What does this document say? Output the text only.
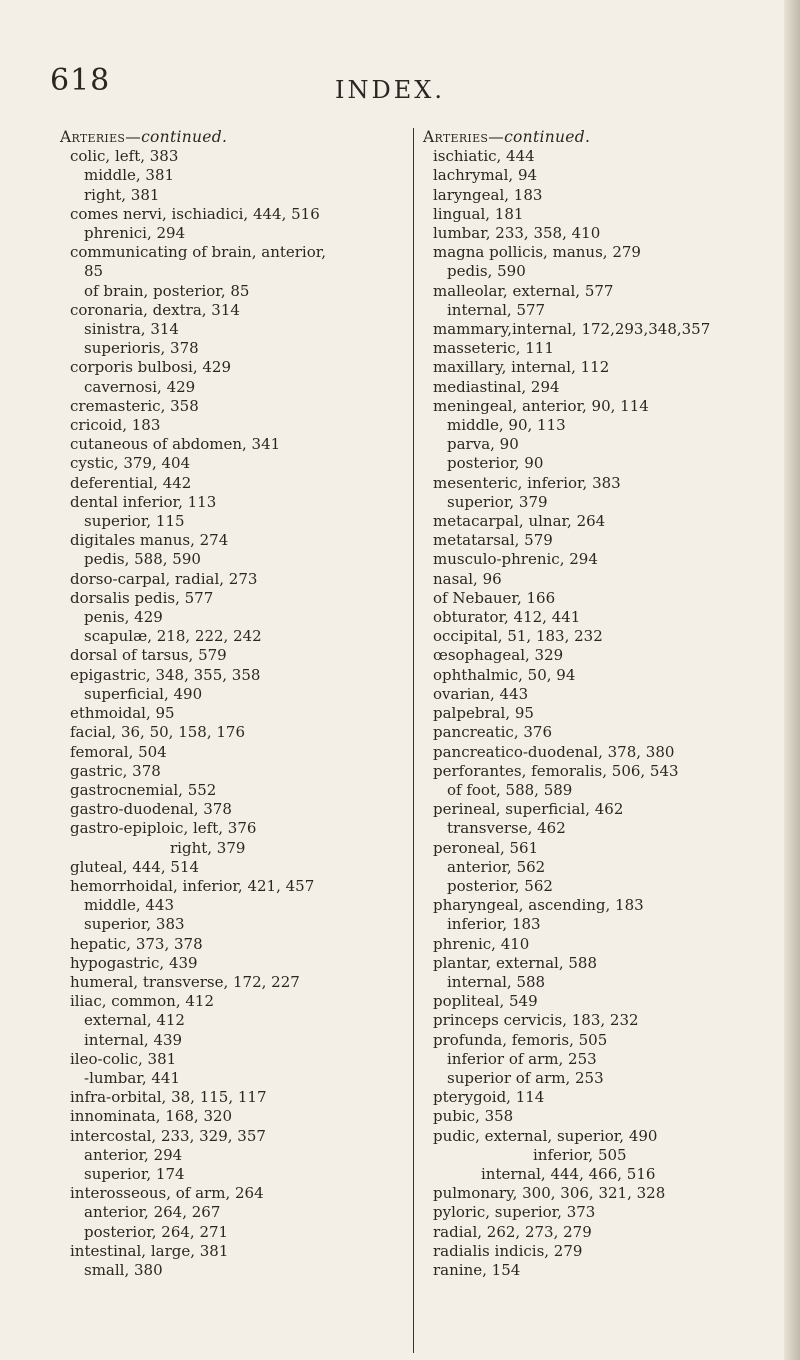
618	INDEX.
Arteries—continued.
colic, left, 383
middle, 381
right, 381
comes nervi, ischiadici, 444, 516
phrenici, 294
communicating of brain, anterior,
85
of brain, posterior, 85
coronaria, dextra, 314
sinistra, 314
superioris, 378
corporis bulbosi, 429
cavernosi, 429
cremasteric, 358
cricoid, 183
cutaneous of abdomen, 341
cystic, 379, 404
deferential, 442
dental inferior, 113
superior, 115
digitales manus, 274
pedis, 588, 590
dorso-carpal, radial, 273
dorsalis pedis, 577
penis, 429
scapulæ, 218, 222, 242
dorsal of tarsus, 579
epigastric, 348, 355, 358
superficial, 490
ethmoidal, 95
facial, 36, 50, 158, 176
femoral, 504
gastric, 378
gastrocnemial, 552
gastro-duodenal, 378
gastro-epiploic, left, 376
right, 379
gluteal, 444, 514
hemorrhoidal, inferior, 421, 457
middle, 443
superior, 383
hepatic, 373, 378
hypogastric, 439
humeral, transverse, 172, 227
iliac, common, 412
external, 412
internal, 439
ileo-colic, 381
-lumbar, 441
infra-orbital, 38, 115, 117
innominata, 168, 320
intercostal, 233, 329, 357
anterior, 294
superior, 174
interosseous, of arm, 264
anterior, 264, 267
posterior, 264, 271
intestinal, large, 381
small, 380
Arteries—continued.
ischiatic, 444
lachrymal, 94
laryngeal, 183
lingual, 181
lumbar, 233, 358, 410
magna pollicis, manus, 279
pedis, 590
malleolar, external, 577
internal, 577
mammary,internal, 172,293,348,357
masseteric, 111
maxillary, internal, 112
mediastinal, 294
meningeal, anterior, 90, 114
middle, 90, 113
parva, 90
posterior, 90
mesenteric, inferior, 383
superior, 379
metacarpal, ulnar, 264
metatarsal, 579
musculo-phrenic, 294
nasal, 96
of Nebauer, 166
obturator, 412, 441
occipital, 51, 183, 232
œsophageal, 329
ophthalmic, 50, 94
ovarian, 443
palpebral, 95
pancreatic, 376
pancreatico-duodenal, 378, 380
perforantes, femoralis, 506, 543
of foot, 588, 589
perineal, superficial, 462
transverse, 462
peroneal, 561
anterior, 562
posterior, 562
pharyngeal, ascending, 183
inferior, 183
phrenic, 410
plantar, external, 588
internal, 588
popliteal, 549
princeps cervicis, 183, 232
profunda, femoris, 505
inferior of arm, 253
superior of arm, 253
pterygoid, 114
pubic, 358
pudic, external, superior, 490
inferior, 505
internal, 444, 466, 516
pulmonary, 300, 306, 321, 328
pyloric, superior, 373
radial, 262, 273, 279
radialis indicis, 279
ranine, 154
